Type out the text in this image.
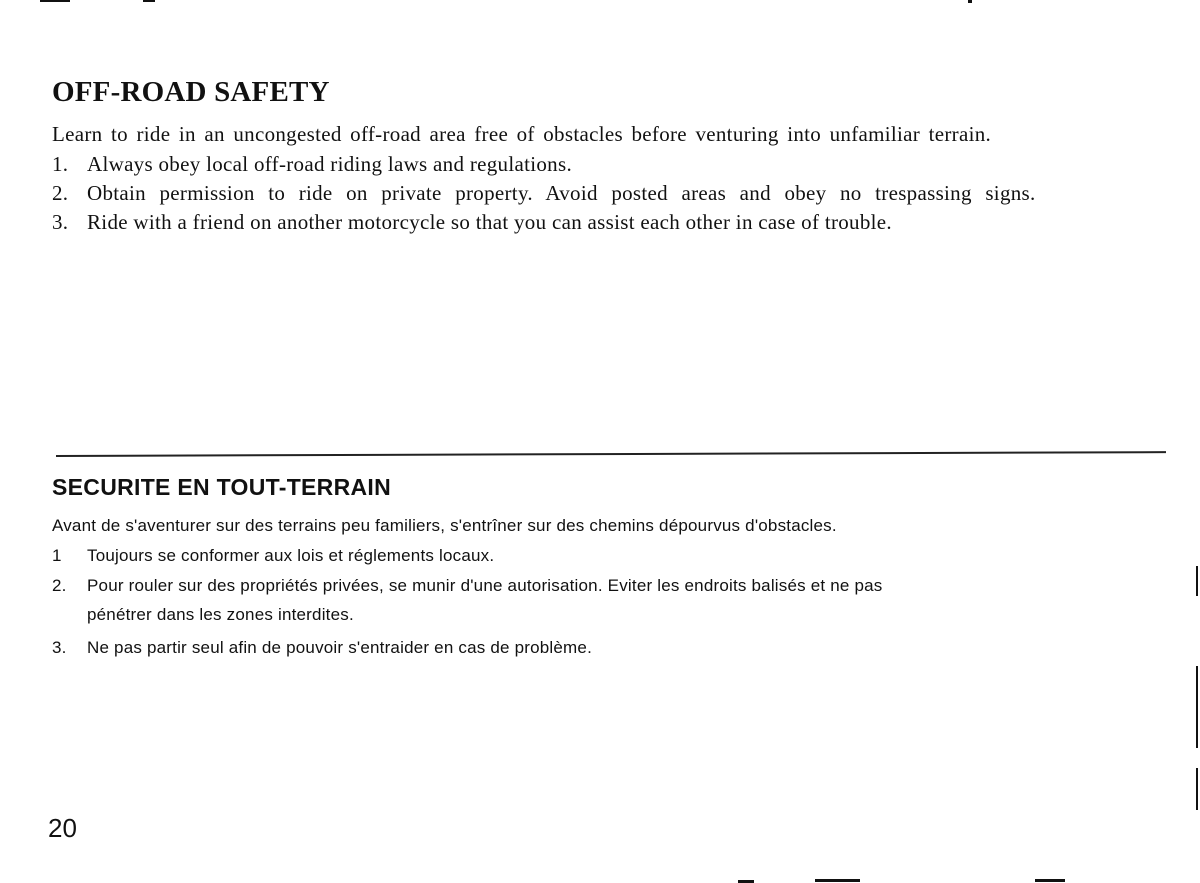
OFF-ROAD SAFETY
Learn to ride in an uncongested off-road area free of obstacles before venturing into unfamiliar terrain.
1. Always obey local off-road riding laws and regulations.
2. Obtain permission to ride on private property. Avoid posted areas and obey no trespassing signs.
3. Ride with a friend on another motorcycle so that you can assist each other in case of trouble.
SECURITE EN TOUT-TERRAIN
Avant de s'aventurer sur des terrains peu familiers, s'entrîner sur des chemins dépourvus d'obstacles.
1 Toujours se conformer aux lois et réglements locaux.
2. Pour rouler sur des propriétés privées, se munir d'une autorisation. Eviter les endroits balisés et ne pas
pénétrer dans les zones interdites.
3. Ne pas partir seul afin de pouvoir s'entraider en cas de problème.
20
